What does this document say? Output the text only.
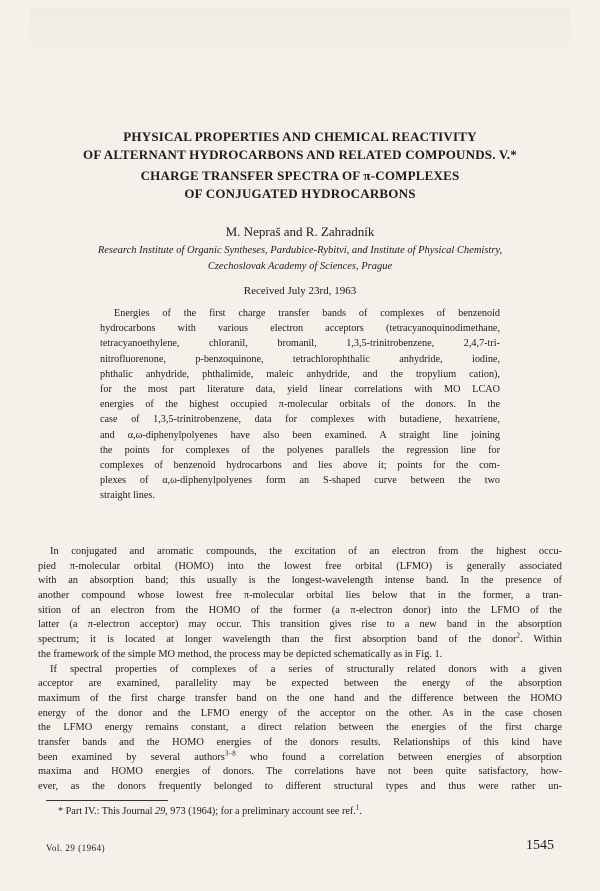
PHYSICAL PROPERTIES AND CHEMICAL REACTIVITY
OF ALTERNANT HYDROCARBONS AND RELATED COMPOUNDS. V.*
CHARGE TRANSFER SPECTRA OF π-COMPLEXES
OF CONJUGATED HYDROCARBONS
M. Nepraš and R. Zahradník
Research Institute of Organic Syntheses, Pardubice-Rybitví, and Institute of Physical Chemistry,
Czechoslovak Academy of Sciences, Prague
Received July 23rd, 1963
Energies of the first charge transfer bands of complexes of benzenoid
hydrocarbons with various electron acceptors (tetracyanoquinodimethane,
tetracyanoethylene, chloranil, bromanil, 1,3,5-trinitrobenzene, 2,4,7-tri-
nitrofluorenone, p-benzoquinone, tetrachlorophthalic anhydride, iodine,
phthalic anhydride, phthalimide, maleic anhydride, and the tropylium cation),
for the most part literature data, yield linear correlations with MO LCAO
energies of the highest occupied π-molecular orbitals of the donors. In the
case of 1,3,5-trinitrobenzene, data for complexes with butadiene, hexatriene,
and α,ω-diphenylpolyenes have also been examined. A straight line joining
the points for complexes of the polyenes parallels the regression line for
complexes of benzenoid hydrocarbons and lies above it; points for the com-
plexes of α,ω-diphenylpolyenes form an S-shaped curve between the two
straight lines.
In conjugated and aromatic compounds, the excitation of an electron from the highest occu-
pied π-molecular orbital (HOMO) into the lowest free orbital (LFMO) is generally associated
with an absorption band; this usually is the longest-wavelength intense band. In the presence of
another compound whose lowest free π-molecular orbital lies below that in the former, a tran-
sition of an electron from the HOMO of the former (a π-electron donor) into the LFMO of the
latter (a π-electron acceptor) may occur. This transition gives rise to a new band in the absorption
spectrum; it is located at longer wavelength than the first absorption band of the donor$^2$. Within
the framework of the simple MO method, the process may be depicted schematically as in Fig. 1.
If spectral properties of complexes of a series of structurally related donors with a given
acceptor are examined, parallelity may be expected between the energy of the absorption
maximum of the first charge transfer band on the one hand and the difference between the HOMO
energy of the donor and the LFMO energy of the acceptor on the other. As in the case chosen
the LFMO energy remains constant, a direct relation between the energies of the first charge
transfer bands and the HOMO energies of the donors results. Relationships of this kind have
been examined by several authors$^{3-8}$ who found a correlation between energies of absorption
maxima and HOMO energies of donors. The correlations have not been quite satisfactory, how-
ever, as the donors frequently belonged to different structural types and thus were rather un-
* Part IV.: This Journal 29, 973 (1964); for a preliminary account see ref.$^1$.
Vol. 29 (1964)	1545
